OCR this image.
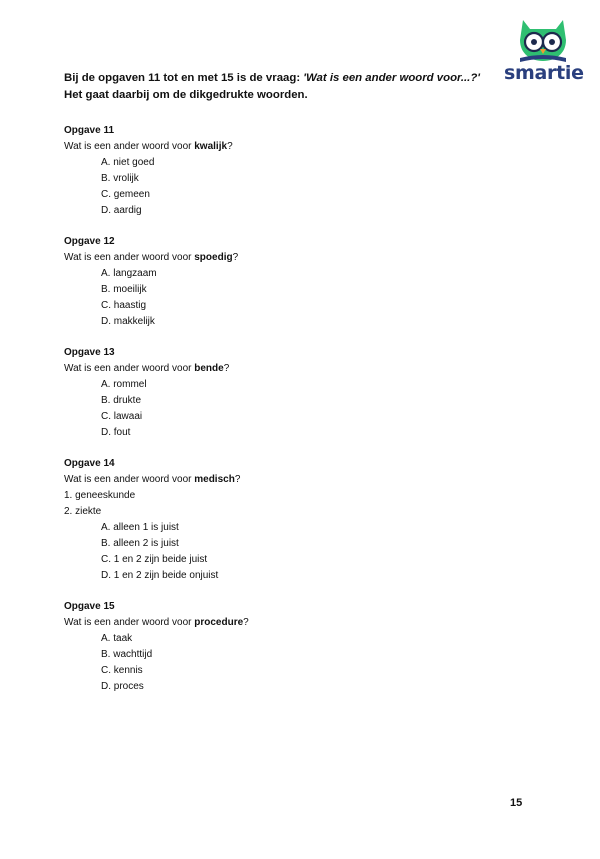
smartie
Bij de opgaven 11 tot en met 15 is de vraag: 'Wat is een ander woord voor...?'
Het gaat daarbij om de dikgedrukte woorden.
Opgave 11
Wat is een ander woord voor kwalijk?
A. niet goed
B. vrolijk
C. gemeen
D. aardig
Opgave 12
Wat is een ander woord voor spoedig?
A. langzaam
B. moeilijk
C. haastig
D. makkelijk
Opgave 13
Wat is een ander woord voor bende?
A. rommel
B. drukte
C. lawaai
D. fout
Opgave 14
Wat is een ander woord voor medisch?
1. geneeskunde
2. ziekte
A. alleen 1 is juist
B. alleen 2 is juist
C. 1 en 2 zijn beide juist
D. 1 en 2 zijn beide onjuist
Opgave 15
Wat is een ander woord voor procedure?
A. taak
B. wachttijd
C. kennis
D. proces
15
